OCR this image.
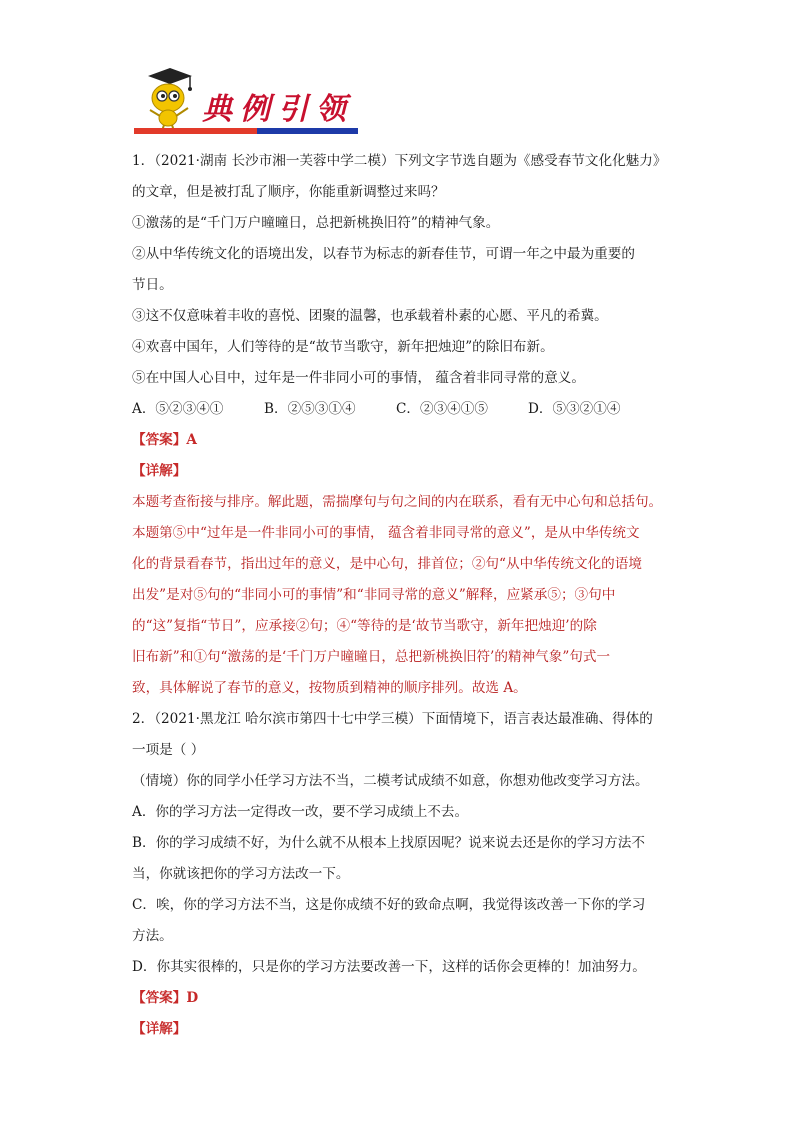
典例引领
1．（2021·湖南 长沙市湘一芙蓉中学二模）下列文字节选自题为《感受春节文化化魅力》
的文章，但是被打乱了顺序，你能重新调整过来吗？
①激荡的是“千门万户曈曈日，总把新桃换旧符”的精神气象。
②从中华传统文化的语境出发，以春节为标志的新春佳节，可谓一年之中最为重要的
节日。
③这不仅意味着丰收的喜悦、团聚的温馨，也承载着朴素的心愿、平凡的希冀。
④欢喜中国年，人们等待的是“故节当歌守，新年把烛迎”的除旧布新。
⑤在中国人心目中，过年是一件非同小可的事情， 蕴含着非同寻常的意义。
A．⑤②③④①	B．②⑤③①④	C．②③④①⑤	D．⑤③②①④
【答案】A
【详解】
本题考查衔接与排序。解此题，需揣摩句与句之间的内在联系，看有无中心句和总括句。
本题第⑤中“过年是一件非同小可的事情， 蕴含着非同寻常的意义”，是从中华传统文
化的背景看春节，指出过年的意义，是中心句，排首位；②句“从中华传统文化的语境
出发”是对⑤句的“非同小可的事情”和“非同寻常的意义”解释，应紧承⑤；③句中
的“这”复指“节日”，应承接②句；④“等待的是‘故节当歌守，新年把烛迎’的除
旧布新”和①句“激荡的是‘千门万户曈曈日，总把新桃换旧符’的精神气象”句式一
致，具体解说了春节的意义，按物质到精神的顺序排列。故选 A。
2．（2021·黑龙江 哈尔滨市第四十七中学三模）下面情境下，语言表达最准确、得体的
一项是（ ）
（情境）你的同学小任学习方法不当，二模考试成绩不如意，你想劝他改变学习方法。
A．你的学习方法一定得改一改，要不学习成绩上不去。
B．你的学习成绩不好，为什么就不从根本上找原因呢？说来说去还是你的学习方法不
当，你就该把你的学习方法改一下。
C．唉，你的学习方法不当，这是你成绩不好的致命点啊，我觉得该改善一下你的学习
方法。
D．你其实很棒的，只是你的学习方法要改善一下，这样的话你会更棒的！加油努力。
【答案】D
【详解】
